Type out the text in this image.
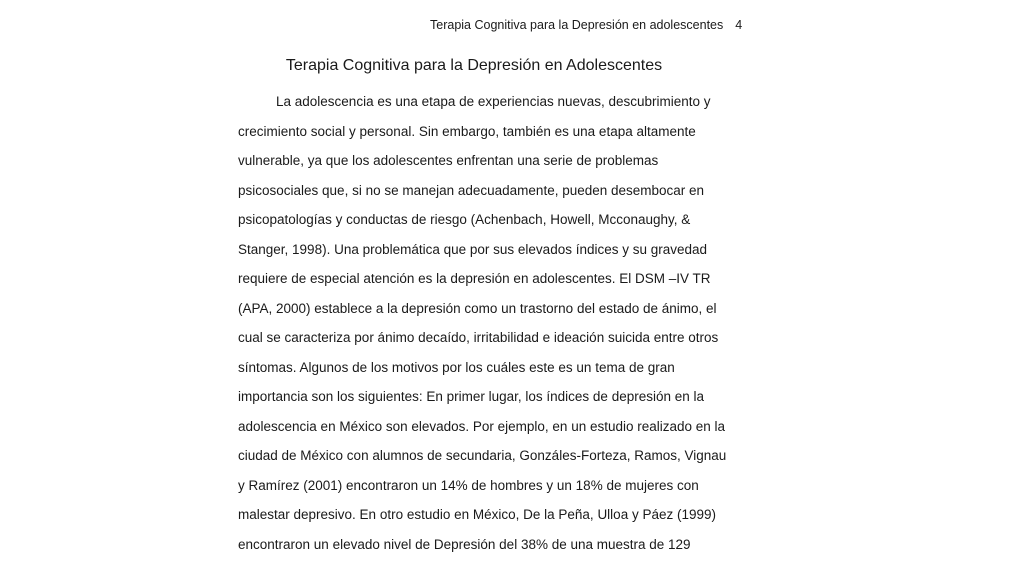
Terapia Cognitiva para la Depresión en adolescentes 4
Terapia Cognitiva para la Depresión en Adolescentes
La adolescencia es una etapa de experiencias nuevas, descubrimiento y
crecimiento social y personal. Sin embargo, también es una etapa altamente
vulnerable, ya que los adolescentes enfrentan una serie de problemas
psicosociales que, si no se manejan adecuadamente, pueden desembocar en
psicopatologías y conductas de riesgo (Achenbach, Howell, Mcconaughy, &
Stanger, 1998). Una problemática que por sus elevados índices y su gravedad
requiere de especial atención es la depresión en adolescentes. El DSM –IV TR
(APA, 2000) establece a la depresión como un trastorno del estado de ánimo, el
cual se caracteriza por ánimo decaído, irritabilidad e ideación suicida entre otros
síntomas. Algunos de los motivos por los cuáles este es un tema de gran
importancia son los siguientes: En primer lugar, los índices de depresión en la
adolescencia en México son elevados. Por ejemplo, en un estudio realizado en la
ciudad de México con alumnos de secundaria, Gonzáles-Forteza, Ramos, Vignau
y Ramírez (2001) encontraron un 14% de hombres y un 18% de mujeres con
malestar depresivo. En otro estudio en México, De la Peña, Ulloa y Páez (1999)
encontraron un elevado nivel de Depresión del 38% de una muestra de 129
